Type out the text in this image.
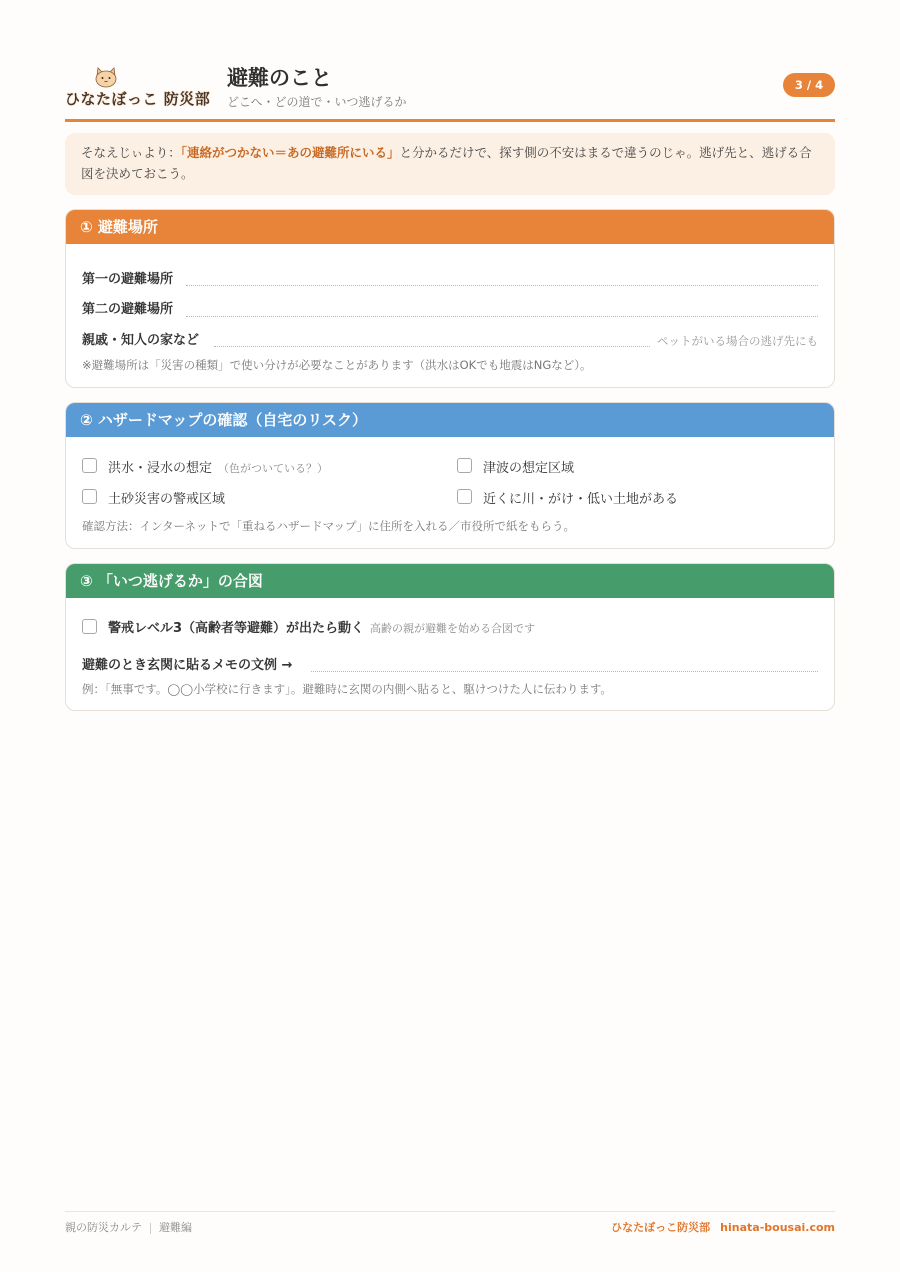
ひなたぼっこ 防災部
避難のこと
どこへ・どの道で・いつ逃げるか
3 / 4
そなえじぃより：「連絡がつかない＝あの避難所にいる」と分かるだけで、探す側の不安はまるで違うのじゃ。逃げ先と、逃げる合図を決めておこう。
① 避難場所
第一の避難場所
第二の避難場所
親戚・知人の家など	ペットがいる場合の逃げ先にも
※避難場所は「災害の種類」で使い分けが必要なことがあります（洪水はOKでも地震はNGなど）。
② ハザードマップの確認（自宅のリスク）
洪水・浸水の想定 （色がついている？）	津波の想定区域
土砂災害の警戒区域	近くに川・がけ・低い土地がある
確認方法：インターネットで「重ねるハザードマップ」に住所を入れる／市役所で紙をもらう。
③ 「いつ逃げるか」の合図
警戒レベル3（高齢者等避難）が出たら動く 高齢の親が避難を始める合図です
避難のとき玄関に貼るメモの文例 →
例：「無事です。◯◯小学校に行きます」。避難時に玄関の内側へ貼ると、駆けつけた人に伝わります。
親の防災カルテ 避難編	ひなたぼっこ防災部 hinata-bousai.com
